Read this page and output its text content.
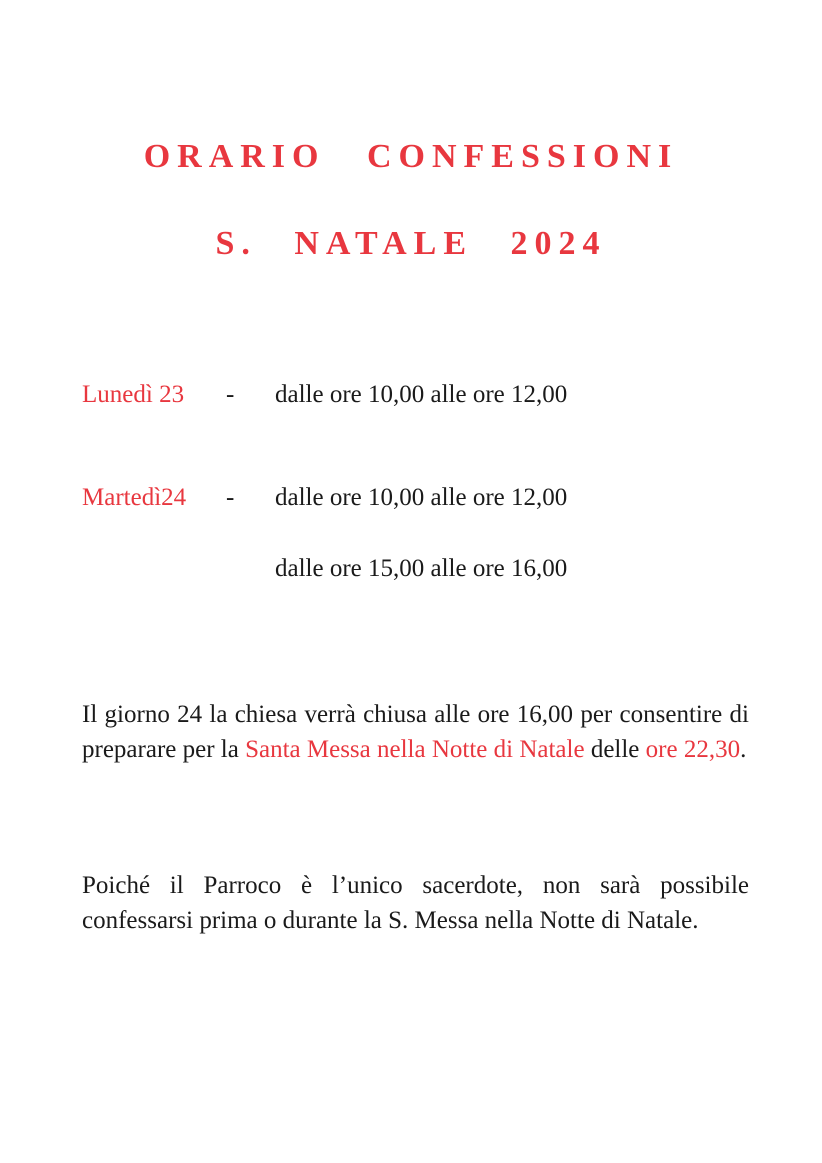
ORARIO CONFESSIONI
S. NATALE 2024
Lunedì 23 - dalle ore 10,00 alle ore 12,00
Martedì24 - dalle ore 10,00 alle ore 12,00
dalle ore 15,00 alle ore 16,00
Il giorno 24 la chiesa verrà chiusa alle ore 16,00 per consentire di preparare per la Santa Messa nella Notte di Natale delle ore 22,30.
Poiché il Parroco è l’unico sacerdote, non sarà possibile confessarsi prima o durante la S. Messa nella Notte di Natale.
